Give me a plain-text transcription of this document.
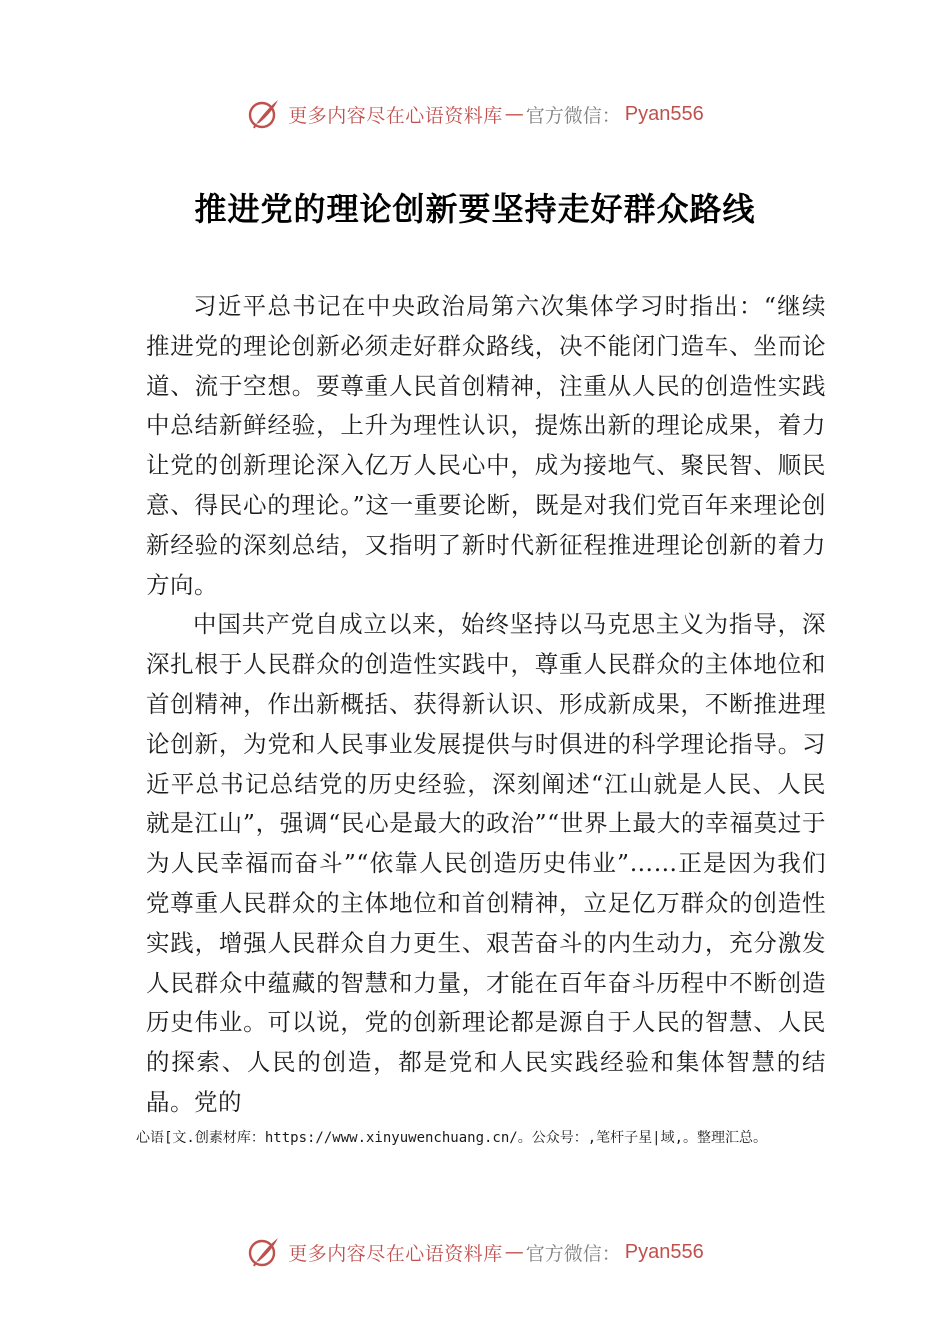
更多内容尽在心语资料库 — 官方微信： Pyan556
推进党的理论创新要坚持走好群众路线

习近平总书记在中央政治局第六次集体学习时指出：“继续推进党的理论创新必须走好群众路线，决不能闭门造车、坐而论道、流于空想。要尊重人民首创精神，注重从人民的创造性实践中总结新鲜经验，上升为理性认识，提炼出新的理论成果，着力让党的创新理论深入亿万人民心中，成为接地气、聚民智、顺民意、得民心的理论。”这一重要论断，既是对我们党百年来理论创新经验的深刻总结，又指明了新时代新征程推进理论创新的着力方向。

中国共产党自成立以来，始终坚持以马克思主义为指导，深深扎根于人民群众的创造性实践中，尊重人民群众的主体地位和首创精神，作出新概括、获得新认识、形成新成果，不断推进理论创新，为党和人民事业发展提供与时俱进的科学理论指导。习近平总书记总结党的历史经验，深刻阐述“江山就是人民、人民就是江山”，强调“民心是最大的政治”“世界上最大的幸福莫过于为人民幸福而奋斗”“依靠人民创造历史伟业”……正是因为我们党尊重人民群众的主体地位和首创精神，立足亿万群众的创造性实践，增强人民群众自力更生、艰苦奋斗的内生动力，充分激发人民群众中蕴藏的智慧和力量，才能在百年奋斗历程中不断创造历史伟业。可以说，党的创新理论都是源自于人民的智慧、人民的探索、人民的创造，都是党和人民实践经验和集体智慧的结晶。党的

心语[文.创素材库：https://www.xinyuwenchuang.cn/。公众号：,笔杆子星|域,。整理汇总。
更多内容尽在心语资料库 — 官方微信： Pyan556
